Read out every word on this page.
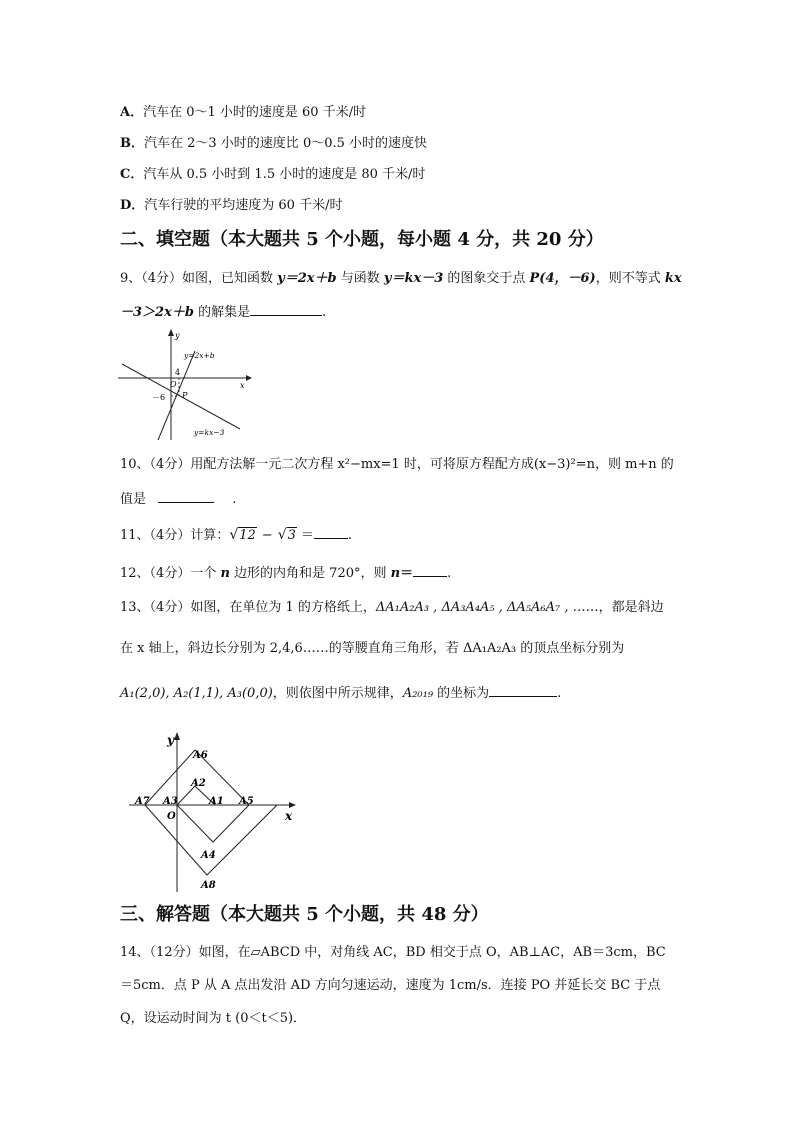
A．汽车在 0～1 小时的速度是 60 千米/时
B．汽车在 2～3 小时的速度比 0～0.5 小时的速度快
C．汽车从 0.5 小时到 1.5 小时的速度是 80 千米/时
D．汽车行驶的平均速度为 60 千米/时
二、填空题（本大题共 5 个小题，每小题 4 分，共 20 分）
9、（4分）如图，已知函数 y＝2x＋b 与函数 y＝kx－3 的图象交于点 P(4，－6)，则不等式 kx
－3＞2x＋b 的解集是	.
y
x
O
4
－6 P
y=2x+b
y=kx−3
10、（4分）用配方法解一元二次方程 x²−mx=1 时，可将原方程配方成(x−3)²=n，则 m+n 的
值是	.
11、（4分）计算：√12 − √3 ＝	.
12、（4分）一个 n 边形的内角和是 720°，则 n＝	.
13、（4分）如图，在单位为 1 的方格纸上，ΔA₁A₂A₃ , ΔA₃A₄A₅ , ΔA₅A₆A₇ , ……，都是斜边
在 x 轴上，斜边长分别为 2,4,6……的等腰直角三角形，若 ΔA₁A₂A₃ 的顶点坐标分别为
A₁(2,0), A₂(1,1), A₃(0,0)，则依图中所示规律，A₂₀₁₉ 的坐标为	.
y
x
O
A6
A2
A7 A3	A1 A5
A4
A8
三、解答题（本大题共 5 个小题，共 48 分）
14、（12分）如图，在▱ABCD 中，对角线 AC，BD 相交于点 O，AB⊥AC，AB＝3cm，BC
＝5cm．点 P 从 A 点出发沿 AD 方向匀速运动，速度为 1cm/s．连接 PO 并延长交 BC 于点
Q，设运动时间为 t (0＜t＜5)．
